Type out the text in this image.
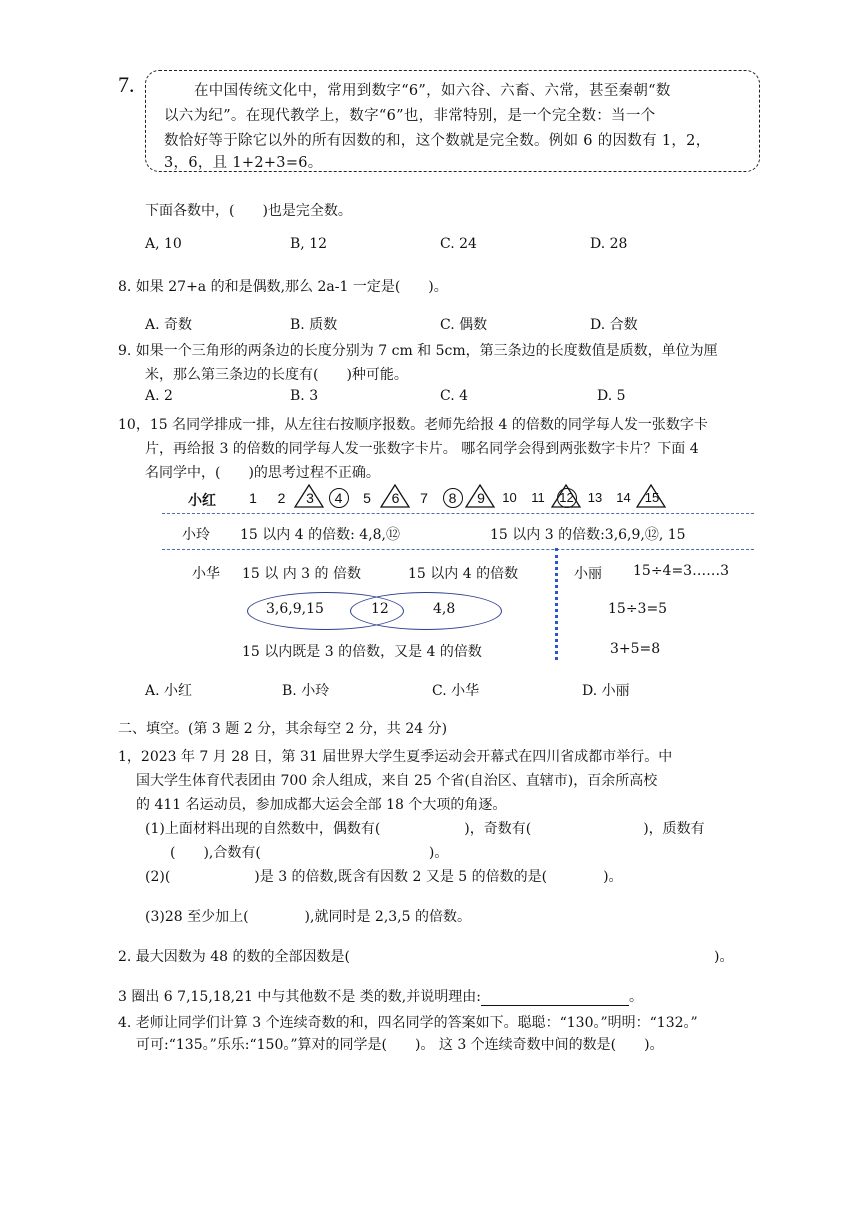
7.	在中国传统文化中，常用到数字“6”，如六谷、六畜、六常，甚至秦朝“数
以六为纪”。在现代教学上，数字“6”也，非常特别，是一个完全数：当一个
数恰好等于除它以外的所有因数的和，这个数就是完全数。例如 6 的因数有 1，2，
3，6，且 1+2+3=6。
下面各数中，(　　)也是完全数。
A, 10	B, 12	C. 24	D. 28
8. 如果 27+a 的和是偶数,那么 2a-1 一定是(　　)。
A. 奇数	B. 质数	C. 偶数	D. 合数
9. 如果一个三角形的两条边的长度分别为 7 cm 和 5cm，第三条边的长度数值是质数，单位为厘
米，那么第三条边的长度有(　　)种可能。
A. 2	B. 3	C. 4	D. 5
10，15 名同学排成一排，从左往右按顺序报数。老师先给报 4 的倍数的同学每人发一张数字卡
片，再给报 3 的倍数的同学每人发一张数字卡片。 哪名同学会得到两张数字卡片？下面 4
名同学中，(　　)的思考过程不正确。
小红	1	2	3	4	5	6	7	8	9	10	11	12	13	14	15
小玲 15 以内 4 的倍数: 4,8,⑫	15 以内 3 的倍数:3,6,9,⑫, 15
小华 15 以 内 3 的 倍数	15 以内 4 的倍数
3,6,9,15	12	4,8
15 以内既是 3 的倍数，又是 4 的倍数
小丽 15÷4=3……3
15÷3=5
3+5=8
A. 小红	B. 小玲	C. 小华	D. 小丽
二、填空。(第 3 题 2 分，其余每空 2 分，共 24 分)
1，2023 年 7 月 28 日，第 31 届世界大学生夏季运动会开幕式在四川省成都市举行。中
国大学生体育代表团由 700 余人组成，来自 25 个省(自治区、直辖市)，百余所高校
的 411 名运动员，参加成都大运会全部 18 个大项的角逐。
(1)上面材料出现的自然数中，偶数有(　　　　　　)，奇数有(　　　　　　　　)，质数有
(　　),合数有(　　　　　　　　　　　　)。
(2)(　　　　　　)是 3 的倍数,既含有因数 2 又是 5 的倍数的是(　　　　)。
(3)28 至少加上(　　　　),就同时是 2,3,5 的倍数。
2. 最大因数为 48 的数的全部因数是(　　　　　　　　　　　　　　　　　　　　　　　　　　)。
3 圈出 6 7,15,18,21 中与其他数不是 类的数,并说明理由:	。
4. 老师让同学们计算 3 个连续奇数的和，四名同学的答案如下。聪聪：“130。”明明：“132。”
可可:“135。”乐乐:“150。”算对的同学是(　　)。 这 3 个连续奇数中间的数是(　　)。
